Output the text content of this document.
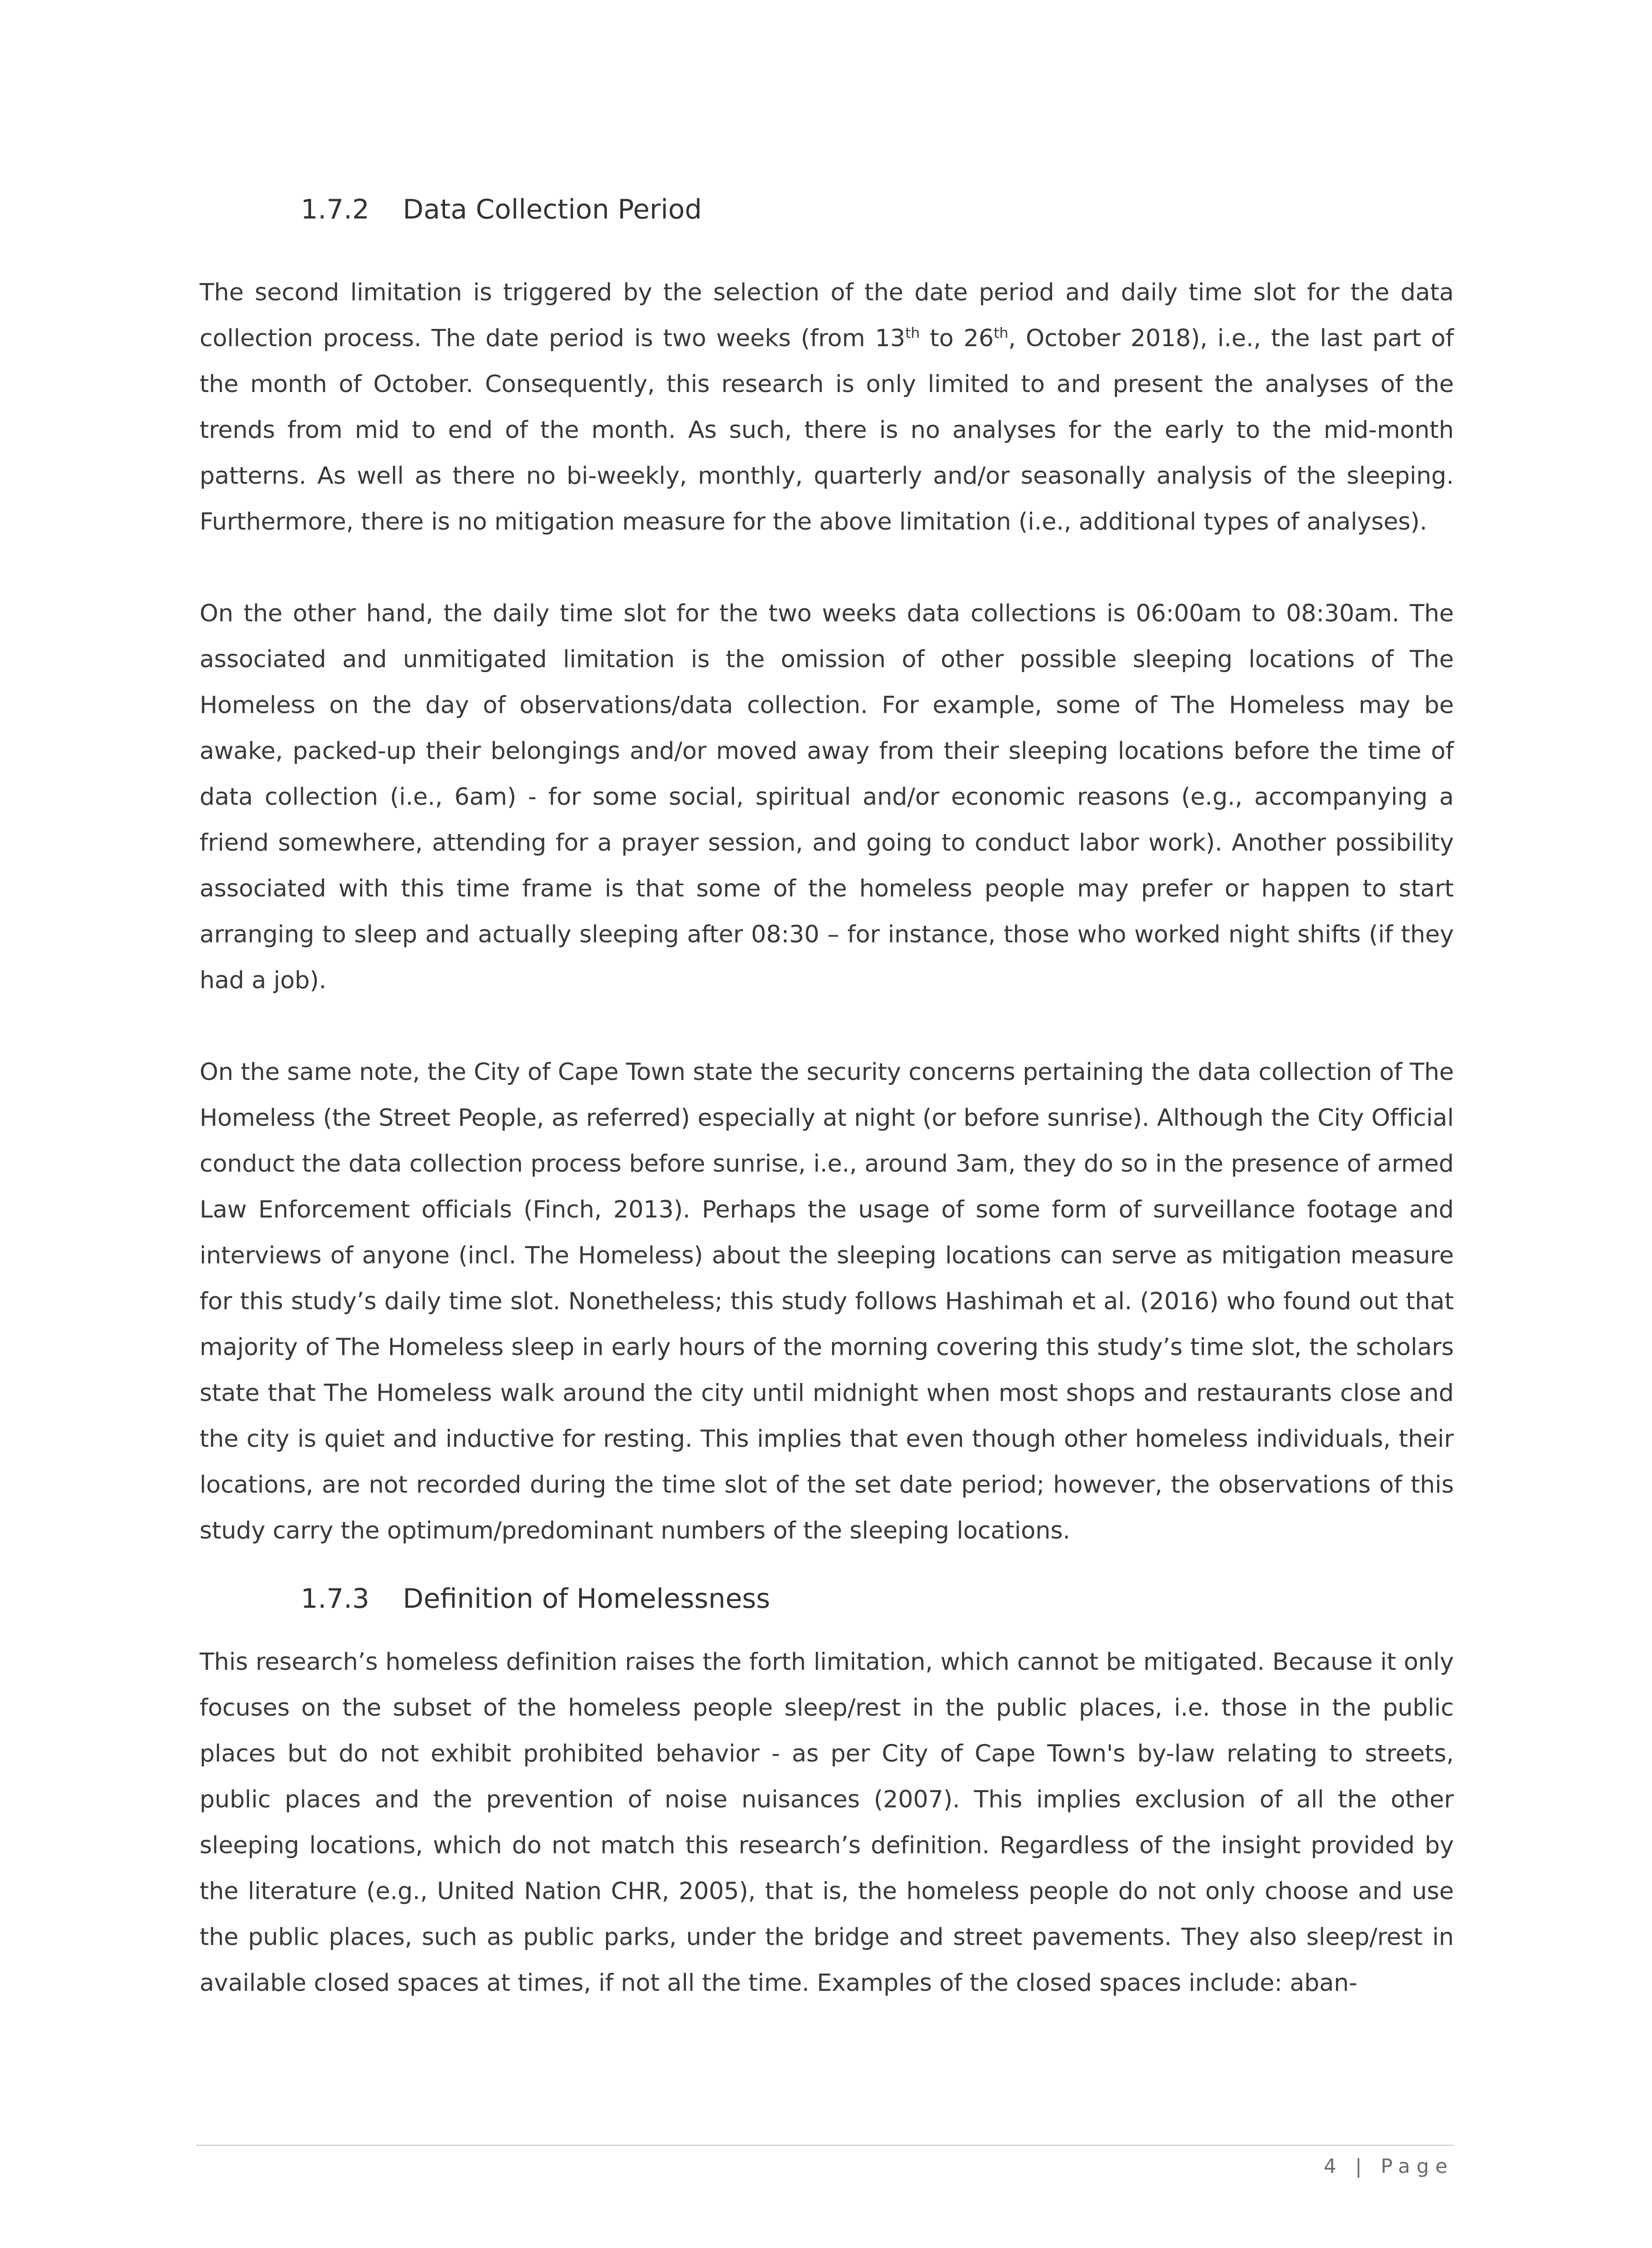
1.7.2	Data Collection Period

The second limitation is triggered by the selection of the date period and daily time slot for the data collection process. The date period is two weeks (from 13th to 26th, October 2018), i.e., the last part of the month of October. Consequently, this research is only limited to and present the analyses of the trends from mid to end of the month. As such, there is no analyses for the early to the mid-month patterns. As well as there no bi-weekly, monthly, quarterly and/or seasonally analysis of the sleeping. Furthermore, there is no mitigation measure for the above limitation (i.e., additional types of analyses).

On the other hand, the daily time slot for the two weeks data collections is 06:00am to 08:30am. The associated and unmitigated limitation is the omission of other possible sleeping locations of The Homeless on the day of observations/data collection. For example, some of The Homeless may be awake, packed-up their belongings and/or moved away from their sleeping locations before the time of data collection (i.e., 6am) - for some social, spiritual and/or economic reasons (e.g., accompanying a friend somewhere, attending for a prayer session, and going to conduct labor work). Another possibility associated with this time frame is that some of the homeless people may prefer or happen to start arranging to sleep and actually sleeping after 08:30 – for instance, those who worked night shifts (if they had a job).

On the same note, the City of Cape Town state the security concerns pertaining the data collection of The Homeless (the Street People, as referred) especially at night (or before sunrise). Although the City Official conduct the data collection process before sunrise, i.e., around 3am, they do so in the presence of armed Law Enforcement officials (Finch, 2013). Perhaps the usage of some form of surveillance footage and interviews of anyone (incl. The Homeless) about the sleeping locations can serve as mitigation measure for this study’s daily time slot. Nonetheless; this study follows Hashimah et al. (2016) who found out that majority of The Homeless sleep in early hours of the morning covering this study’s time slot, the scholars state that The Homeless walk around the city until midnight when most shops and restaurants close and the city is quiet and inductive for resting. This implies that even though other homeless individuals, their locations, are not recorded during the time slot of the set date period; however, the observations of this study carry the optimum/predominant numbers of the sleeping locations.

1.7.3	Definition of Homelessness

This research’s homeless definition raises the forth limitation, which cannot be mitigated. Because it only focuses on the subset of the homeless people sleep/rest in the public places, i.e. those in the public places but do not exhibit prohibited behavior - as per City of Cape Town's by-law relating to streets, public places and the prevention of noise nuisances (2007). This implies exclusion of all the other sleeping locations, which do not match this research’s definition. Regardless of the insight provided by the literature (e.g., United Nation CHR, 2005), that is, the homeless people do not only choose and use the public places, such as public parks, under the bridge and street pavements. They also sleep/rest in available closed spaces at times, if not all the time. Examples of the closed spaces include: aban-

4 | Page
